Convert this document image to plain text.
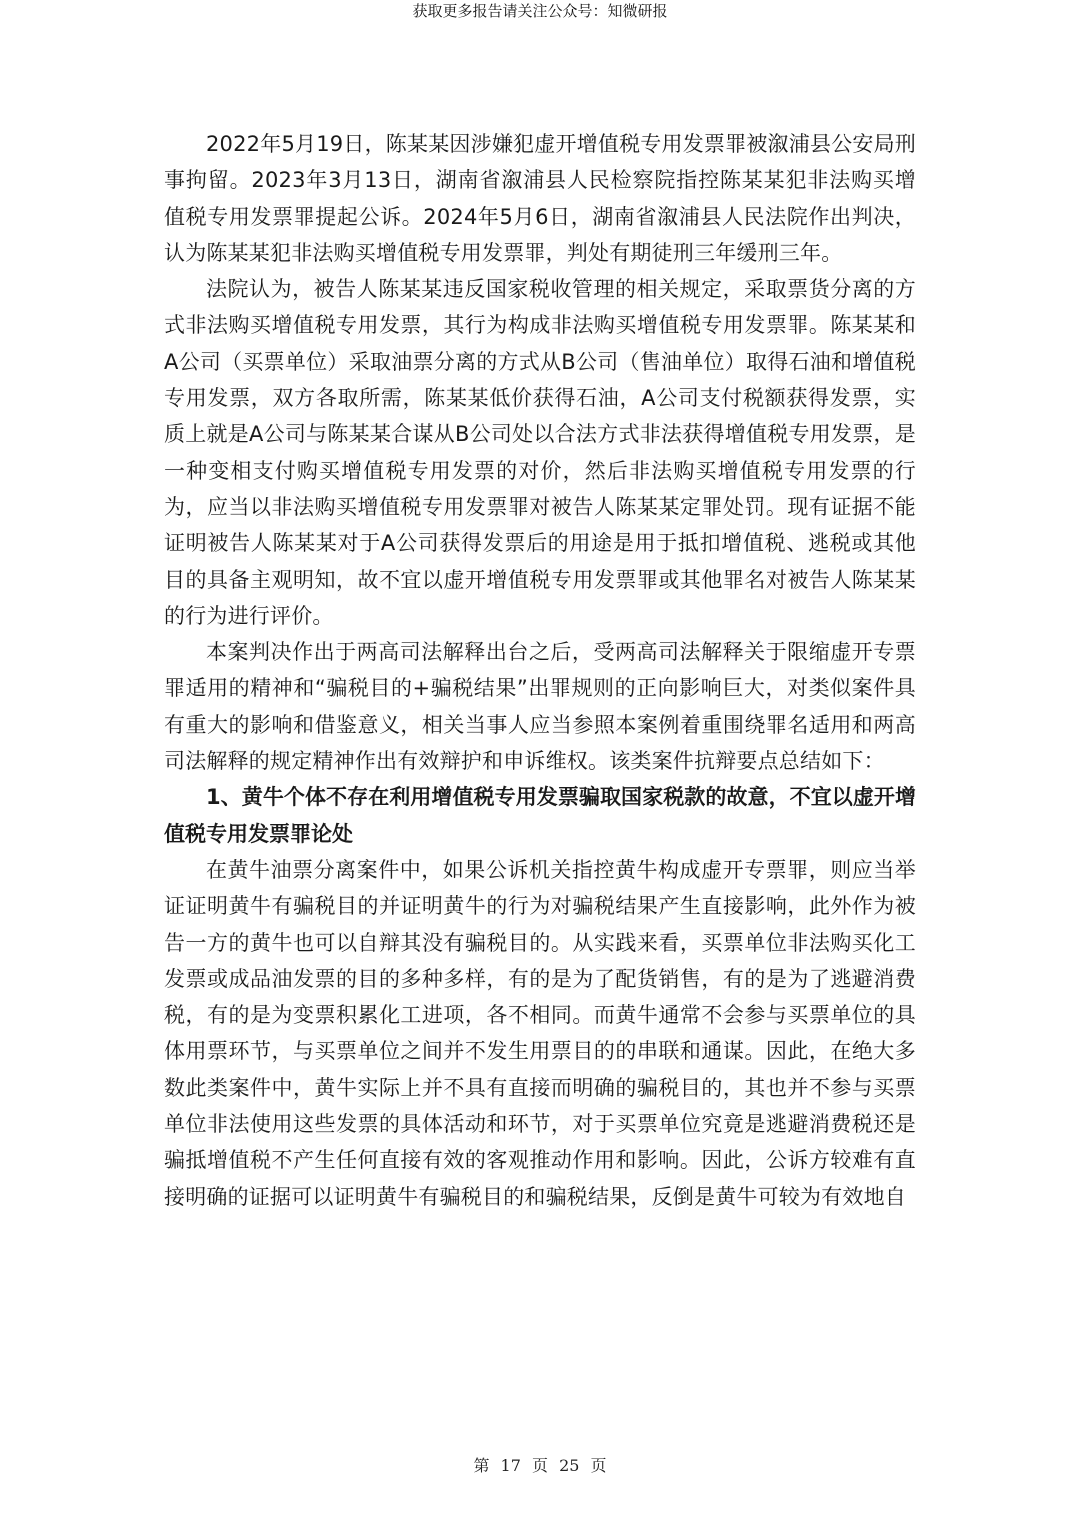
获取更多报告请关注公众号：知微研报

2022年5月19日，陈某某因涉嫌犯虚开增值税专用发票罪被溆浦县公安局刑事拘留。2023年3月13日，湖南省溆浦县人民检察院指控陈某某犯非法购买增值税专用发票罪提起公诉。2024年5月6日，湖南省溆浦县人民法院作出判决，认为陈某某犯非法购买增值税专用发票罪，判处有期徒刑三年缓刑三年。

法院认为，被告人陈某某违反国家税收管理的相关规定，采取票货分离的方式非法购买增值税专用发票，其行为构成非法购买增值税专用发票罪。陈某某和A公司（买票单位）采取油票分离的方式从B公司（售油单位）取得石油和增值税专用发票，双方各取所需，陈某某低价获得石油，A公司支付税额获得发票，实质上就是A公司与陈某某合谋从B公司处以合法方式非法获得增值税专用发票，是一种变相支付购买增值税专用发票的对价，然后非法购买增值税专用发票的行为，应当以非法购买增值税专用发票罪对被告人陈某某定罪处罚。现有证据不能证明被告人陈某某对于A公司获得发票后的用途是用于抵扣增值税、逃税或其他目的具备主观明知，故不宜以虚开增值税专用发票罪或其他罪名对被告人陈某某的行为进行评价。

本案判决作出于两高司法解释出台之后，受两高司法解释关于限缩虚开专票罪适用的精神和“骗税目的+骗税结果”出罪规则的正向影响巨大，对类似案件具有重大的影响和借鉴意义，相关当事人应当参照本案例着重围绕罪名适用和两高司法解释的规定精神作出有效辩护和申诉维权。该类案件抗辩要点总结如下：

1、黄牛个体不存在利用增值税专用发票骗取国家税款的故意，不宜以虚开增值税专用发票罪论处

在黄牛油票分离案件中，如果公诉机关指控黄牛构成虚开专票罪，则应当举证证明黄牛有骗税目的并证明黄牛的行为对骗税结果产生直接影响，此外作为被告一方的黄牛也可以自辩其没有骗税目的。从实践来看，买票单位非法购买化工发票或成品油发票的目的多种多样，有的是为了配货销售，有的是为了逃避消费税，有的是为变票积累化工进项，各不相同。而黄牛通常不会参与买票单位的具体用票环节，与买票单位之间并不发生用票目的的串联和通谋。因此，在绝大多数此类案件中，黄牛实际上并不具有直接而明确的骗税目的，其也并不参与买票单位非法使用这些发票的具体活动和环节，对于买票单位究竟是逃避消费税还是骗抵增值税不产生任何直接有效的客观推动作用和影响。因此，公诉方较难有直接明确的证据可以证明黄牛有骗税目的和骗税结果，反倒是黄牛可较为有效地自

第 17 页 25 页
